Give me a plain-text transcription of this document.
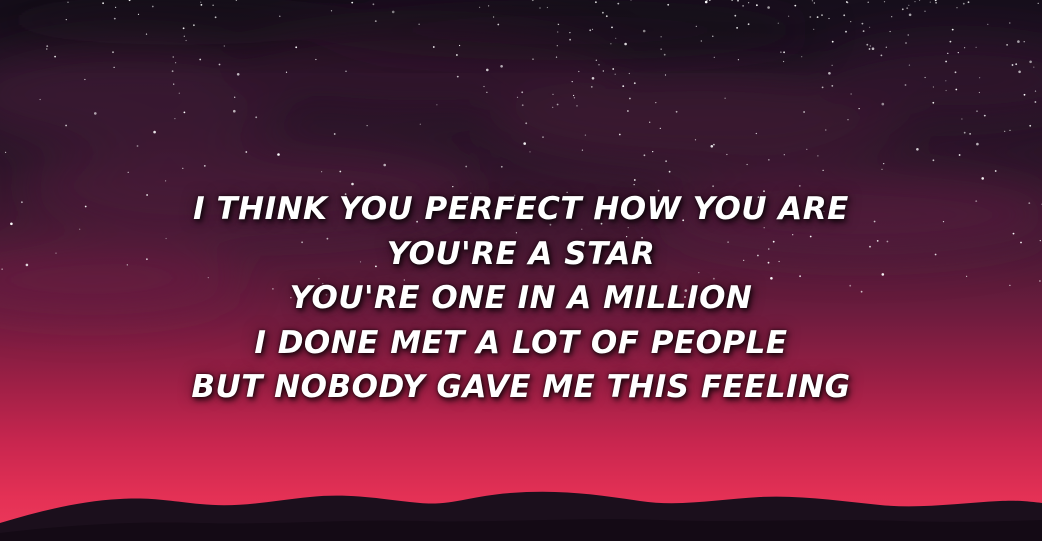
I THINK YOU PERFECT HOW YOU ARE
YOU'RE A STAR
YOU'RE ONE IN A MILLION
I DONE MET A LOT OF PEOPLE
BUT NOBODY GAVE ME THIS FEELING
